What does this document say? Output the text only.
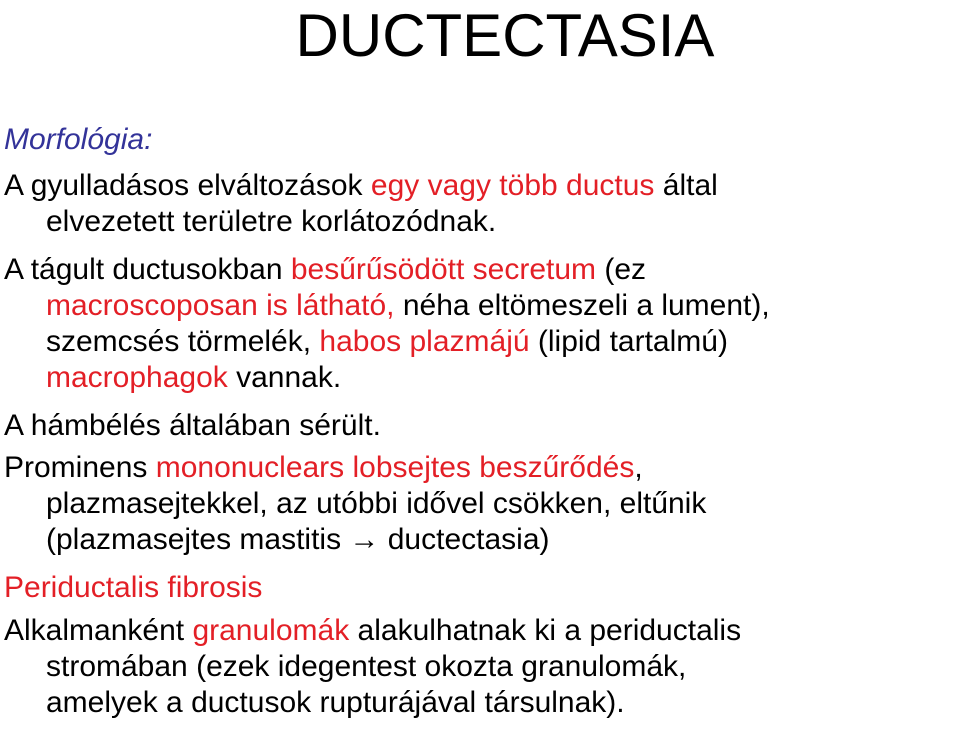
DUCTECTASIA
Morfológia:
A gyulladásos elváltozások egy vagy több ductus által
elvezetett területre korlátozódnak.
A tágult ductusokban besűrűsödött secretum (ez
macroscoposan is látható, néha eltömeszeli a lument),
szemcsés törmelék, habos plazmájú (lipid tartalmú)
macrophagok vannak.
A hámbélés általában sérült.
Prominens mononuclears lobsejtes beszűrődés,
plazmasejtekkel, az utóbbi idővel csökken, eltűnik
(plazmasejtes mastitis → ductectasia)
Periductalis fibrosis
Alkalmanként granulomák alakulhatnak ki a periductalis
stromában (ezek idegentest okozta granulomák,
amelyek a ductusok rupturájával társulnak).
